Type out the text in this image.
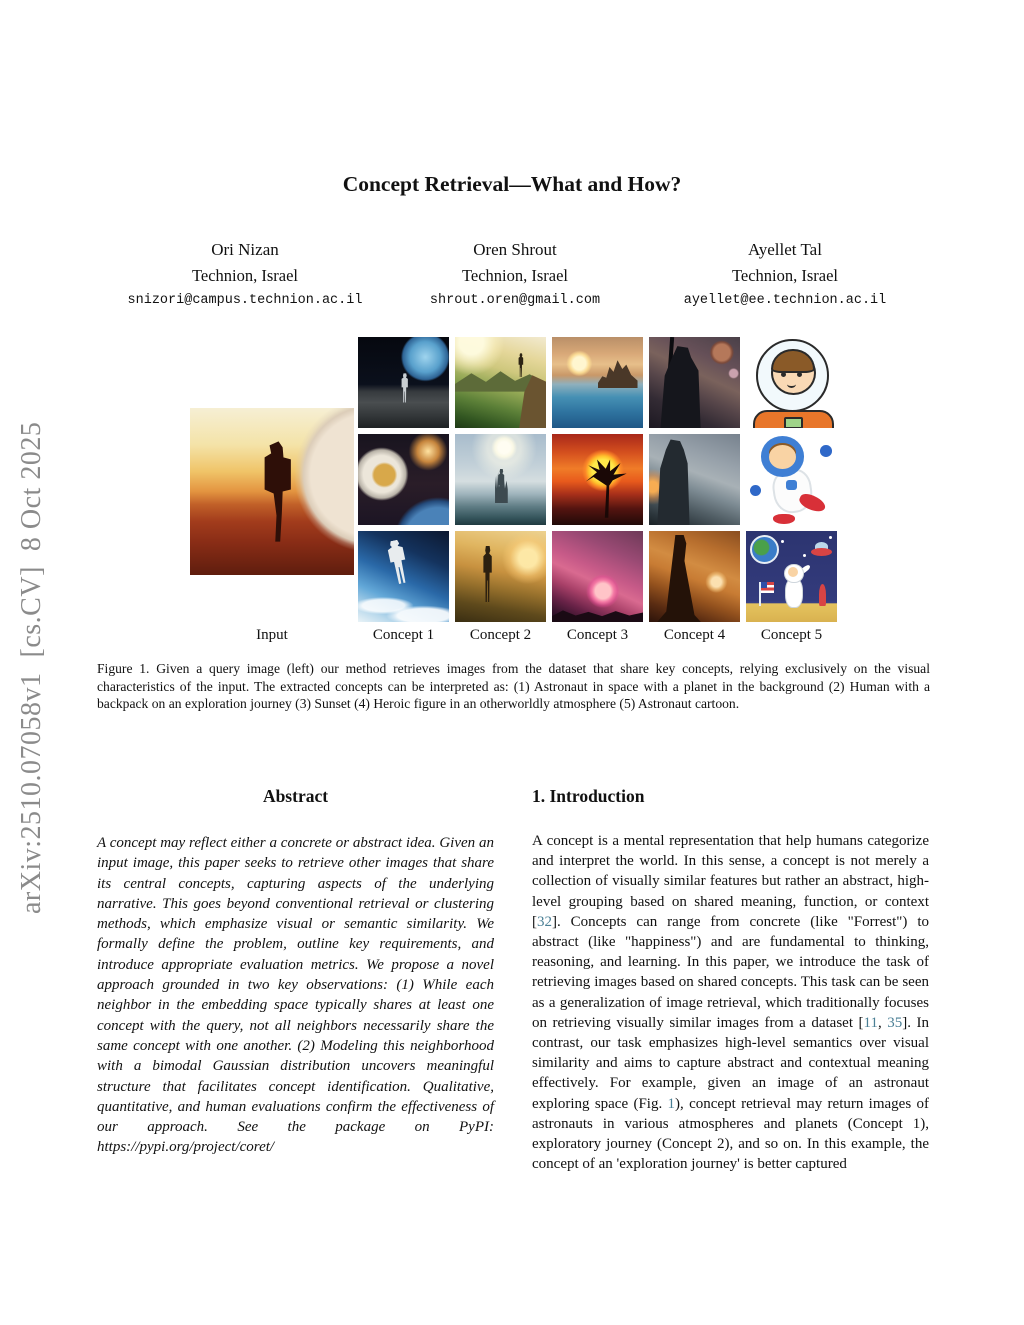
arXiv:2510.07058v1  [cs.CV]  8 Oct 2025
Concept Retrieval—What and How?
Ori Nizan
Technion, Israel
snizori@campus.technion.ac.il
Oren Shrout
Technion, Israel
shrout.oren@gmail.com
Ayellet Tal
Technion, Israel
ayellet@ee.technion.ac.il
Input	Concept 1	Concept 2	Concept 3	Concept 4	Concept 5
Figure 1. Given a query image (left) our method retrieves images from the dataset that share key concepts, relying exclusively on the visual characteristics of the input. The extracted concepts can be interpreted as: (1) Astronaut in space with a planet in the background (2) Human with a backpack on an exploration journey (3) Sunset (4) Heroic figure in an otherworldly atmosphere (5) Astronaut cartoon.
Abstract
A concept may reflect either a concrete or abstract idea. Given an input image, this paper seeks to retrieve other images that share its central concepts, capturing aspects of the underlying narrative. This goes beyond conventional retrieval or clustering methods, which emphasize visual or semantic similarity. We formally define the problem, outline key requirements, and introduce appropriate evaluation metrics. We propose a novel approach grounded in two key observations: (1) While each neighbor in the embedding space typically shares at least one concept with the query, not all neighbors necessarily share the same concept with one another. (2) Modeling this neighborhood with a bimodal Gaussian distribution uncovers meaningful structure that facilitates concept identification. Qualitative, quantitative, and human evaluations confirm the effectiveness of our approach. See the package on PyPI: https://pypi.org/project/coret/
1. Introduction
A concept is a mental representation that help humans categorize and interpret the world. In this sense, a concept is not merely a collection of visually similar features but rather an abstract, high-level grouping based on shared meaning, function, or context [32]. Concepts can range from concrete (like "Forrest") to abstract (like "happiness") and are fundamental to thinking, reasoning, and learning. In this paper, we introduce the task of retrieving images based on shared concepts. This task can be seen as a generalization of image retrieval, which traditionally focuses on retrieving visually similar images from a dataset [11, 35]. In contrast, our task emphasizes high-level semantics over visual similarity and aims to capture abstract and contextual meaning effectively. For example, given an image of an astronaut exploring space (Fig. 1), concept retrieval may return images of astronauts in various atmospheres and planets (Concept 1), exploratory journey (Concept 2), and so on. In this example, the concept of an 'exploration journey' is better captured
